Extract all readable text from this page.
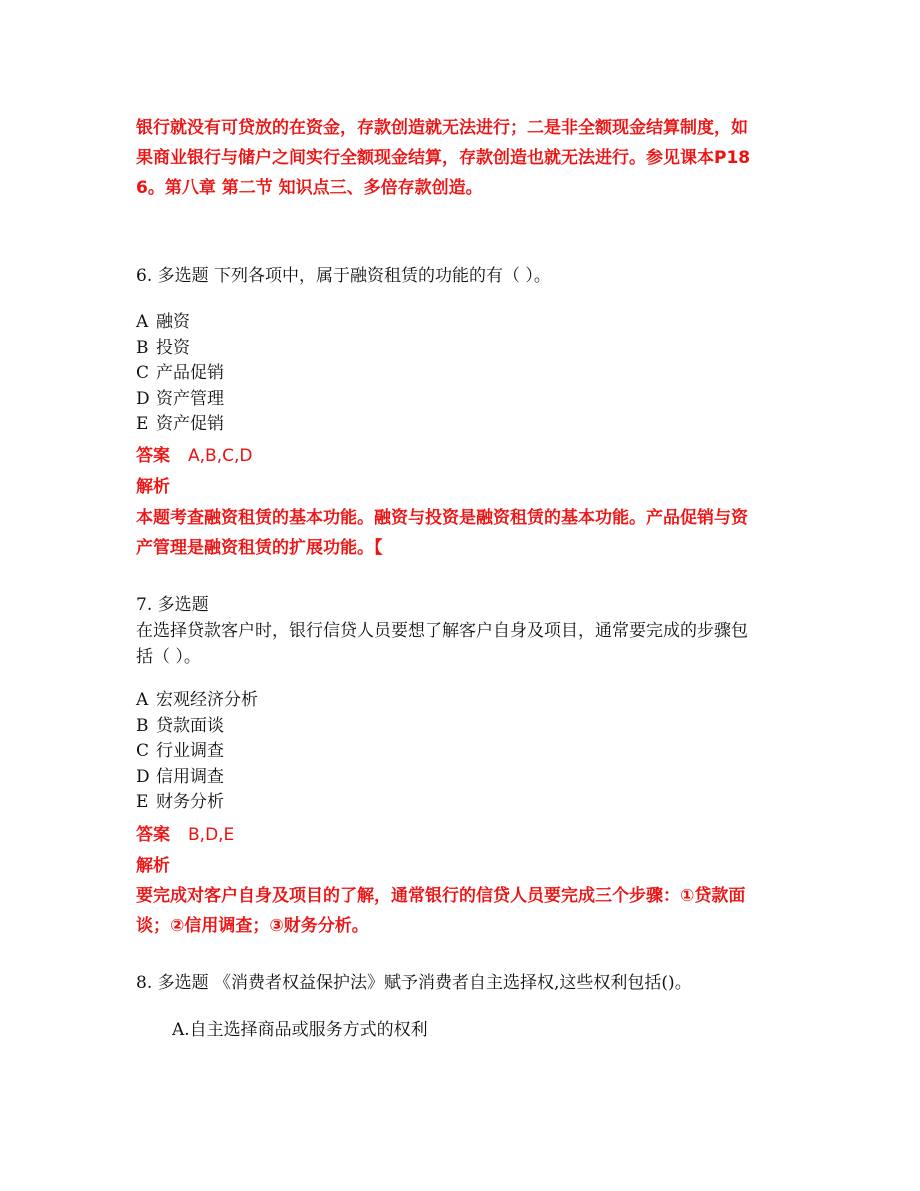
银行就没有可贷放的在资金，存款创造就无法进行；二是非全额现金结算制度，如
果商业银行与储户之间实行全额现金结算，存款创造也就无法进行。参见课本P18
6。第八章 第二节 知识点三、多倍存款创造。
6. 多选题 下列各项中，属于融资租赁的功能的有（ ）。
A 融资
B 投资
C 产品促销
D 资产管理
E 资产促销
答案 A,B,C,D
解析
本题考查融资租赁的基本功能。融资与投资是融资租赁的基本功能。产品促销与资
产管理是融资租赁的扩展功能。【
7. 多选题
在选择贷款客户时，银行信贷人员要想了解客户自身及项目，通常要完成的步骤包
括（ ）。
A 宏观经济分析
B 贷款面谈
C 行业调查
D 信用调查
E 财务分析
答案 B,D,E
解析
要完成对客户自身及项目的了解，通常银行的信贷人员要完成三个步骤：①贷款面
谈；②信用调查；③财务分析。
8. 多选题 《消费者权益保护法》赋予消费者自主选择权,这些权利包括()。
A.自主选择商品或服务方式的权利
